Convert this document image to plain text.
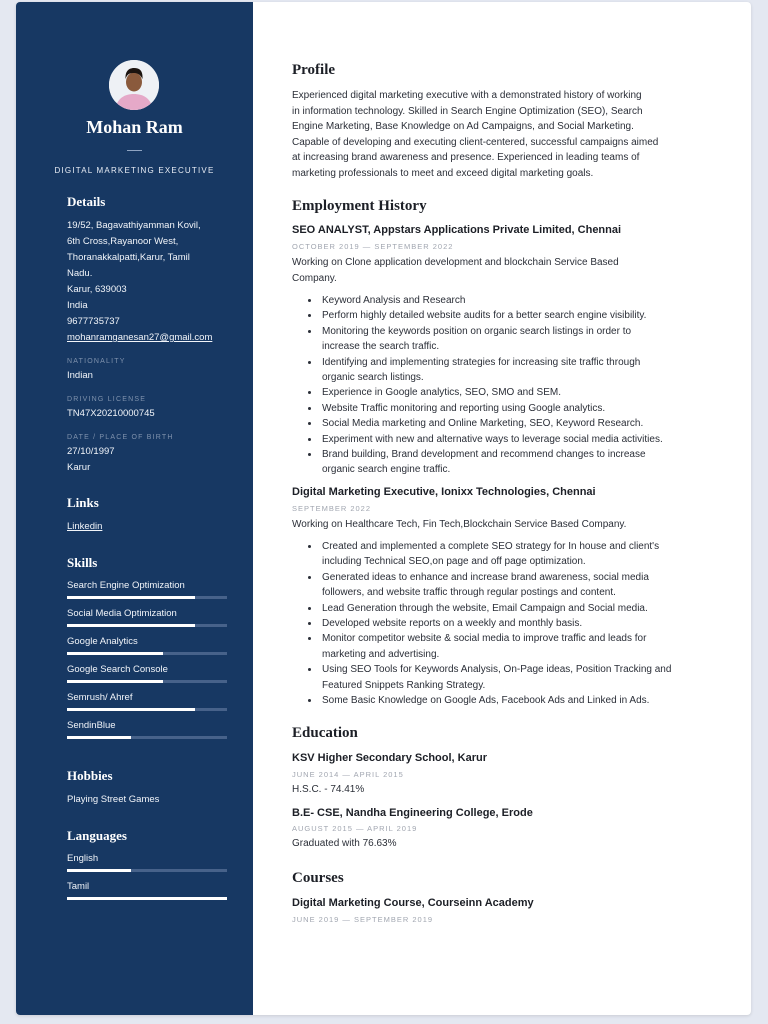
Mohan Ram
DIGITAL MARKETING EXECUTIVE
Details
19/52, Bagavathiyamman Kovil,
6th Cross,Rayanoor West,
Thoranakkalpatti,Karur, Tamil
Nadu.
Karur, 639003
India
9677735737
mohanramganesan27@gmail.com
NATIONALITY
Indian
DRIVING LICENSE
TN47X20210000745
DATE / PLACE OF BIRTH
27/10/1997
Karur
Links
Linkedin
Skills
Search Engine Optimization
Social Media Optimization
Google Analytics
Google Search Console
Semrush/ Ahref
SendinBlue
Hobbies
Playing Street Games
Languages
English
Tamil
Profile
Experienced digital marketing executive with a demonstrated history of working
in information technology. Skilled in Search Engine Optimization (SEO), Search
Engine Marketing, Base Knowledge on Ad Campaigns, and Social Marketing.
Capable of developing and executing client-centered, successful campaigns aimed
at increasing brand awareness and presence. Experienced in leading teams of
marketing professionals to meet and exceed digital marketing goals.
Employment History
SEO ANALYST, Appstars Applications Private Limited, Chennai
OCTOBER 2019 — SEPTEMBER 2022
Working on Clone application development and blockchain Service Based
Company.
• Keyword Analysis and Research
• Perform highly detailed website audits for a better search engine visibility.
• Monitoring the keywords position on organic search listings in order to
increase the search traffic.
• Identifying and implementing strategies for increasing site traffic through
organic search listings.
• Experience in Google analytics, SEO, SMO and SEM.
• Website Traffic monitoring and reporting using Google analytics.
• Social Media marketing and Online Marketing, SEO, Keyword Research.
• Experiment with new and alternative ways to leverage social media activities.
• Brand building, Brand development and recommend changes to increase
organic search engine traffic.
Digital Marketing Executive, Ionixx Technologies, Chennai
SEPTEMBER 2022
Working on Healthcare Tech, Fin Tech,Blockchain Service Based Company.
• Created and implemented a complete SEO strategy for In house and client's
including Technical SEO,on page and off page optimization.
• Generated ideas to enhance and increase brand awareness, social media
followers, and website traffic through regular postings and content.
• Lead Generation through the website, Email Campaign and Social media.
• Developed website reports on a weekly and monthly basis.
• Monitor competitor website & social media to improve traffic and leads for
marketing and advertising.
• Using SEO Tools for Keywords Analysis, On-Page ideas, Position Tracking and
Featured Snippets Ranking Strategy.
• Some Basic Knowledge on Google Ads, Facebook Ads and Linked in Ads.
Education
KSV Higher Secondary School, Karur
JUNE 2014 — APRIL 2015
H.S.C. - 74.41%
B.E- CSE, Nandha Engineering College, Erode
AUGUST 2015 — APRIL 2019
Graduated with 76.63%
Courses
Digital Marketing Course, Courseinn Academy
JUNE 2019 — SEPTEMBER 2019
